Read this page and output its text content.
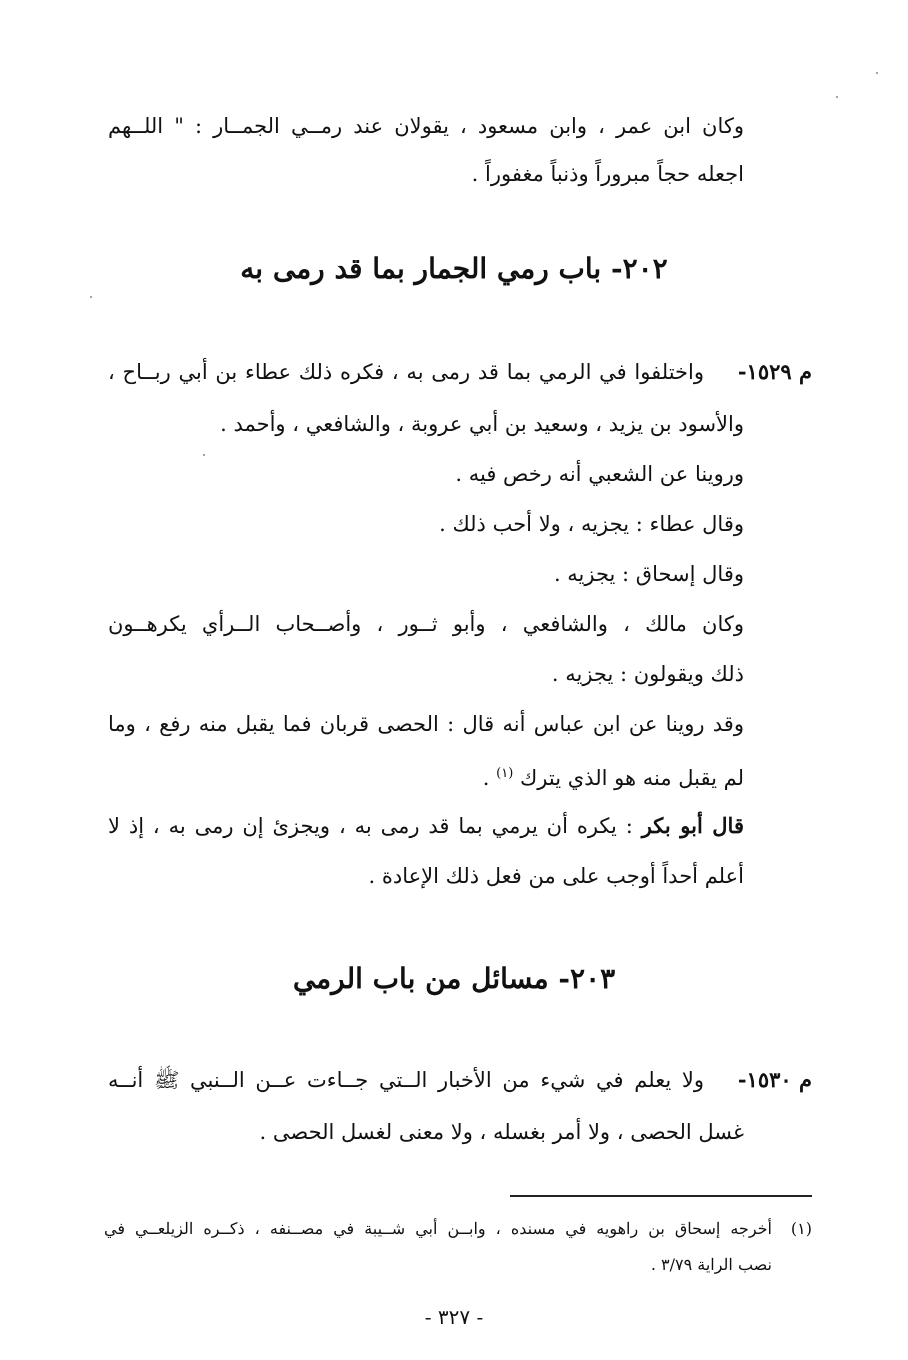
وكان ابن عمر ، وابن مسعود ، يقولان عند رمــي الجمــار : " اللــهم
اجعله حجاً مبروراً وذنباً مغفوراً .
٢٠٢- باب رمي الجمار بما قد رمى به
م ١٥٢٩-
واختلفوا في الرمي بما قد رمى به ، فكره ذلك عطاء بن أبي ربــاح ،
والأسود بن يزيد ، وسعيد بن أبي عروبة ، والشافعي ، وأحمد .
وروينا عن الشعبي أنه رخص فيه .
وقال عطاء : يجزيه ، ولا أحب ذلك .
وقال إسحاق : يجزيه .
وكان مالك ، والشافعي ، وأبو ثــور ، وأصــحاب الــرأي يكرهــون
ذلك ويقولون : يجزيه .
وقد روينا عن ابن عباس أنه قال : الحصى قربان فما يقبل منه رفع ، وما
لم يقبل منه هو الذي يترك $^{(١)}$ .
قال أبو بكر : يكره أن يرمي بما قد رمى به ، ويجزئ إن رمى به ، إذ لا
أعلم أحداً أوجب على من فعل ذلك الإعادة .
٢٠٣- مسائل من باب الرمي
م ١٥٣٠-
ولا يعلم في شيء من الأخبار الــتي جــاءت عــن الــنبي ﷺ أنــه
غسل الحصى ، ولا أمر بغسله ، ولا معنى لغسل الحصى .
(١)
أخرجه إسحاق بن راهويه في مسنده ، وابــن أبي شــيبة في مصــنفه ، ذكــره الزيلعــي في
نصب الراية ٣/٧٩ .
- ٣٢٧ -
